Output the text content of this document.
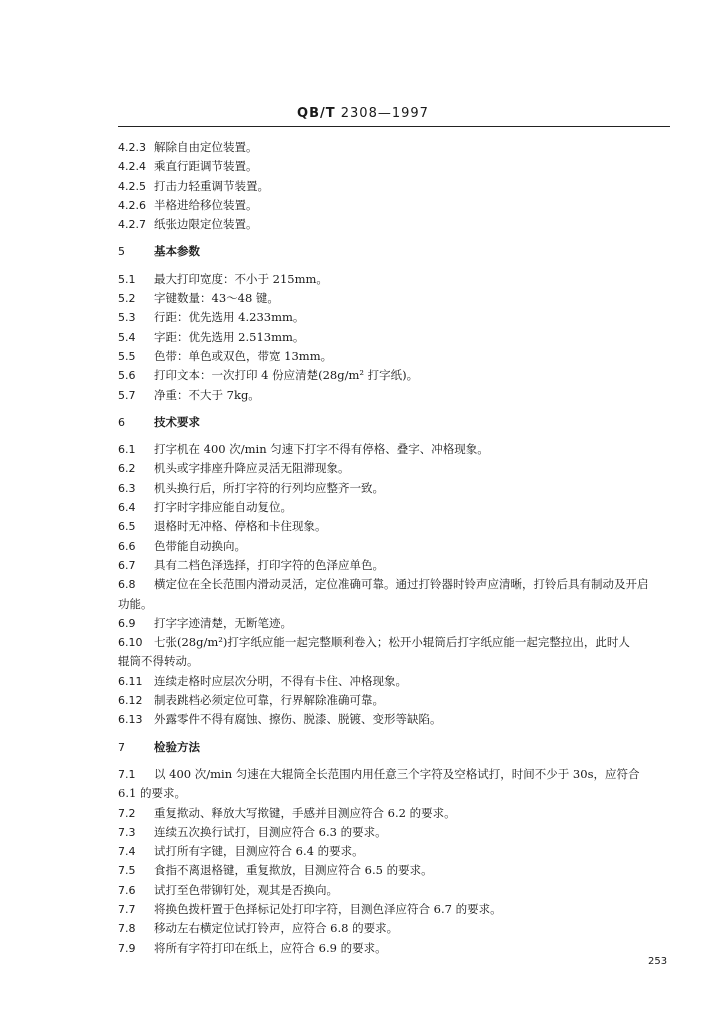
QB/T 2308—1997
4.2.3 解除自由定位装置。
4.2.4 乘直行距调节装置。
4.2.5 打击力轻重调节装置。
4.2.6 半格进给移位装置。
4.2.7 纸张边限定位装置。
5	基本参数
5.1	最大打印宽度：不小于 215mm。
5.2	字键数量：43～48 键。
5.3	行距：优先选用 4.233mm。
5.4	字距：优先选用 2.513mm。
5.5	色带：单色或双色，带宽 13mm。
5.6	打印文本：一次打印 4 份应清楚(28g/m² 打字纸)。
5.7	净重：不大于 7kg。
6	技术要求
6.1	打字机在 400 次/min 匀速下打字不得有停格、叠字、冲格现象。
6.2	机头或字排座升降应灵活无阻滞现象。
6.3	机头换行后，所打字符的行列均应整齐一致。
6.4	打字时字排应能自动复位。
6.5	退格时无冲格、停格和卡住现象。
6.6	色带能自动换向。
6.7	具有二档色泽选择，打印字符的色泽应单色。
6.8	横定位在全长范围内滑动灵活，定位准确可靠。通过打铃器时铃声应清晰，打铃后具有制动及开启
功能。
6.9	打字字迹清楚，无断笔迹。
6.10	七张(28g/m²)打字纸应能一起完整顺利卷入；松开小辊筒后打字纸应能一起完整拉出，此时人
辊筒不得转动。
6.11	连续走格时应层次分明，不得有卡住、冲格现象。
6.12	制表跳档必须定位可靠，行界解除准确可靠。
6.13	外露零件不得有腐蚀、擦伤、脱漆、脱镀、变形等缺陷。
7	检验方法
7.1	以 400 次/min 匀速在大辊筒全长范围内用任意三个字符及空格试打，时间不少于 30s，应符合
6.1 的要求。
7.2	重复揿动、释放大写揿键，手感并目测应符合 6.2 的要求。
7.3	连续五次换行试打，目测应符合 6.3 的要求。
7.4	试打所有字键，目测应符合 6.4 的要求。
7.5	食指不离退格键，重复揿放，目测应符合 6.5 的要求。
7.6	试打至色带铆钉处，观其是否换向。
7.7	将换色拨杆置于色择标记处打印字符，目测色泽应符合 6.7 的要求。
7.8	移动左右横定位试打铃声，应符合 6.8 的要求。
7.9	将所有字符打印在纸上，应符合 6.9 的要求。
253
